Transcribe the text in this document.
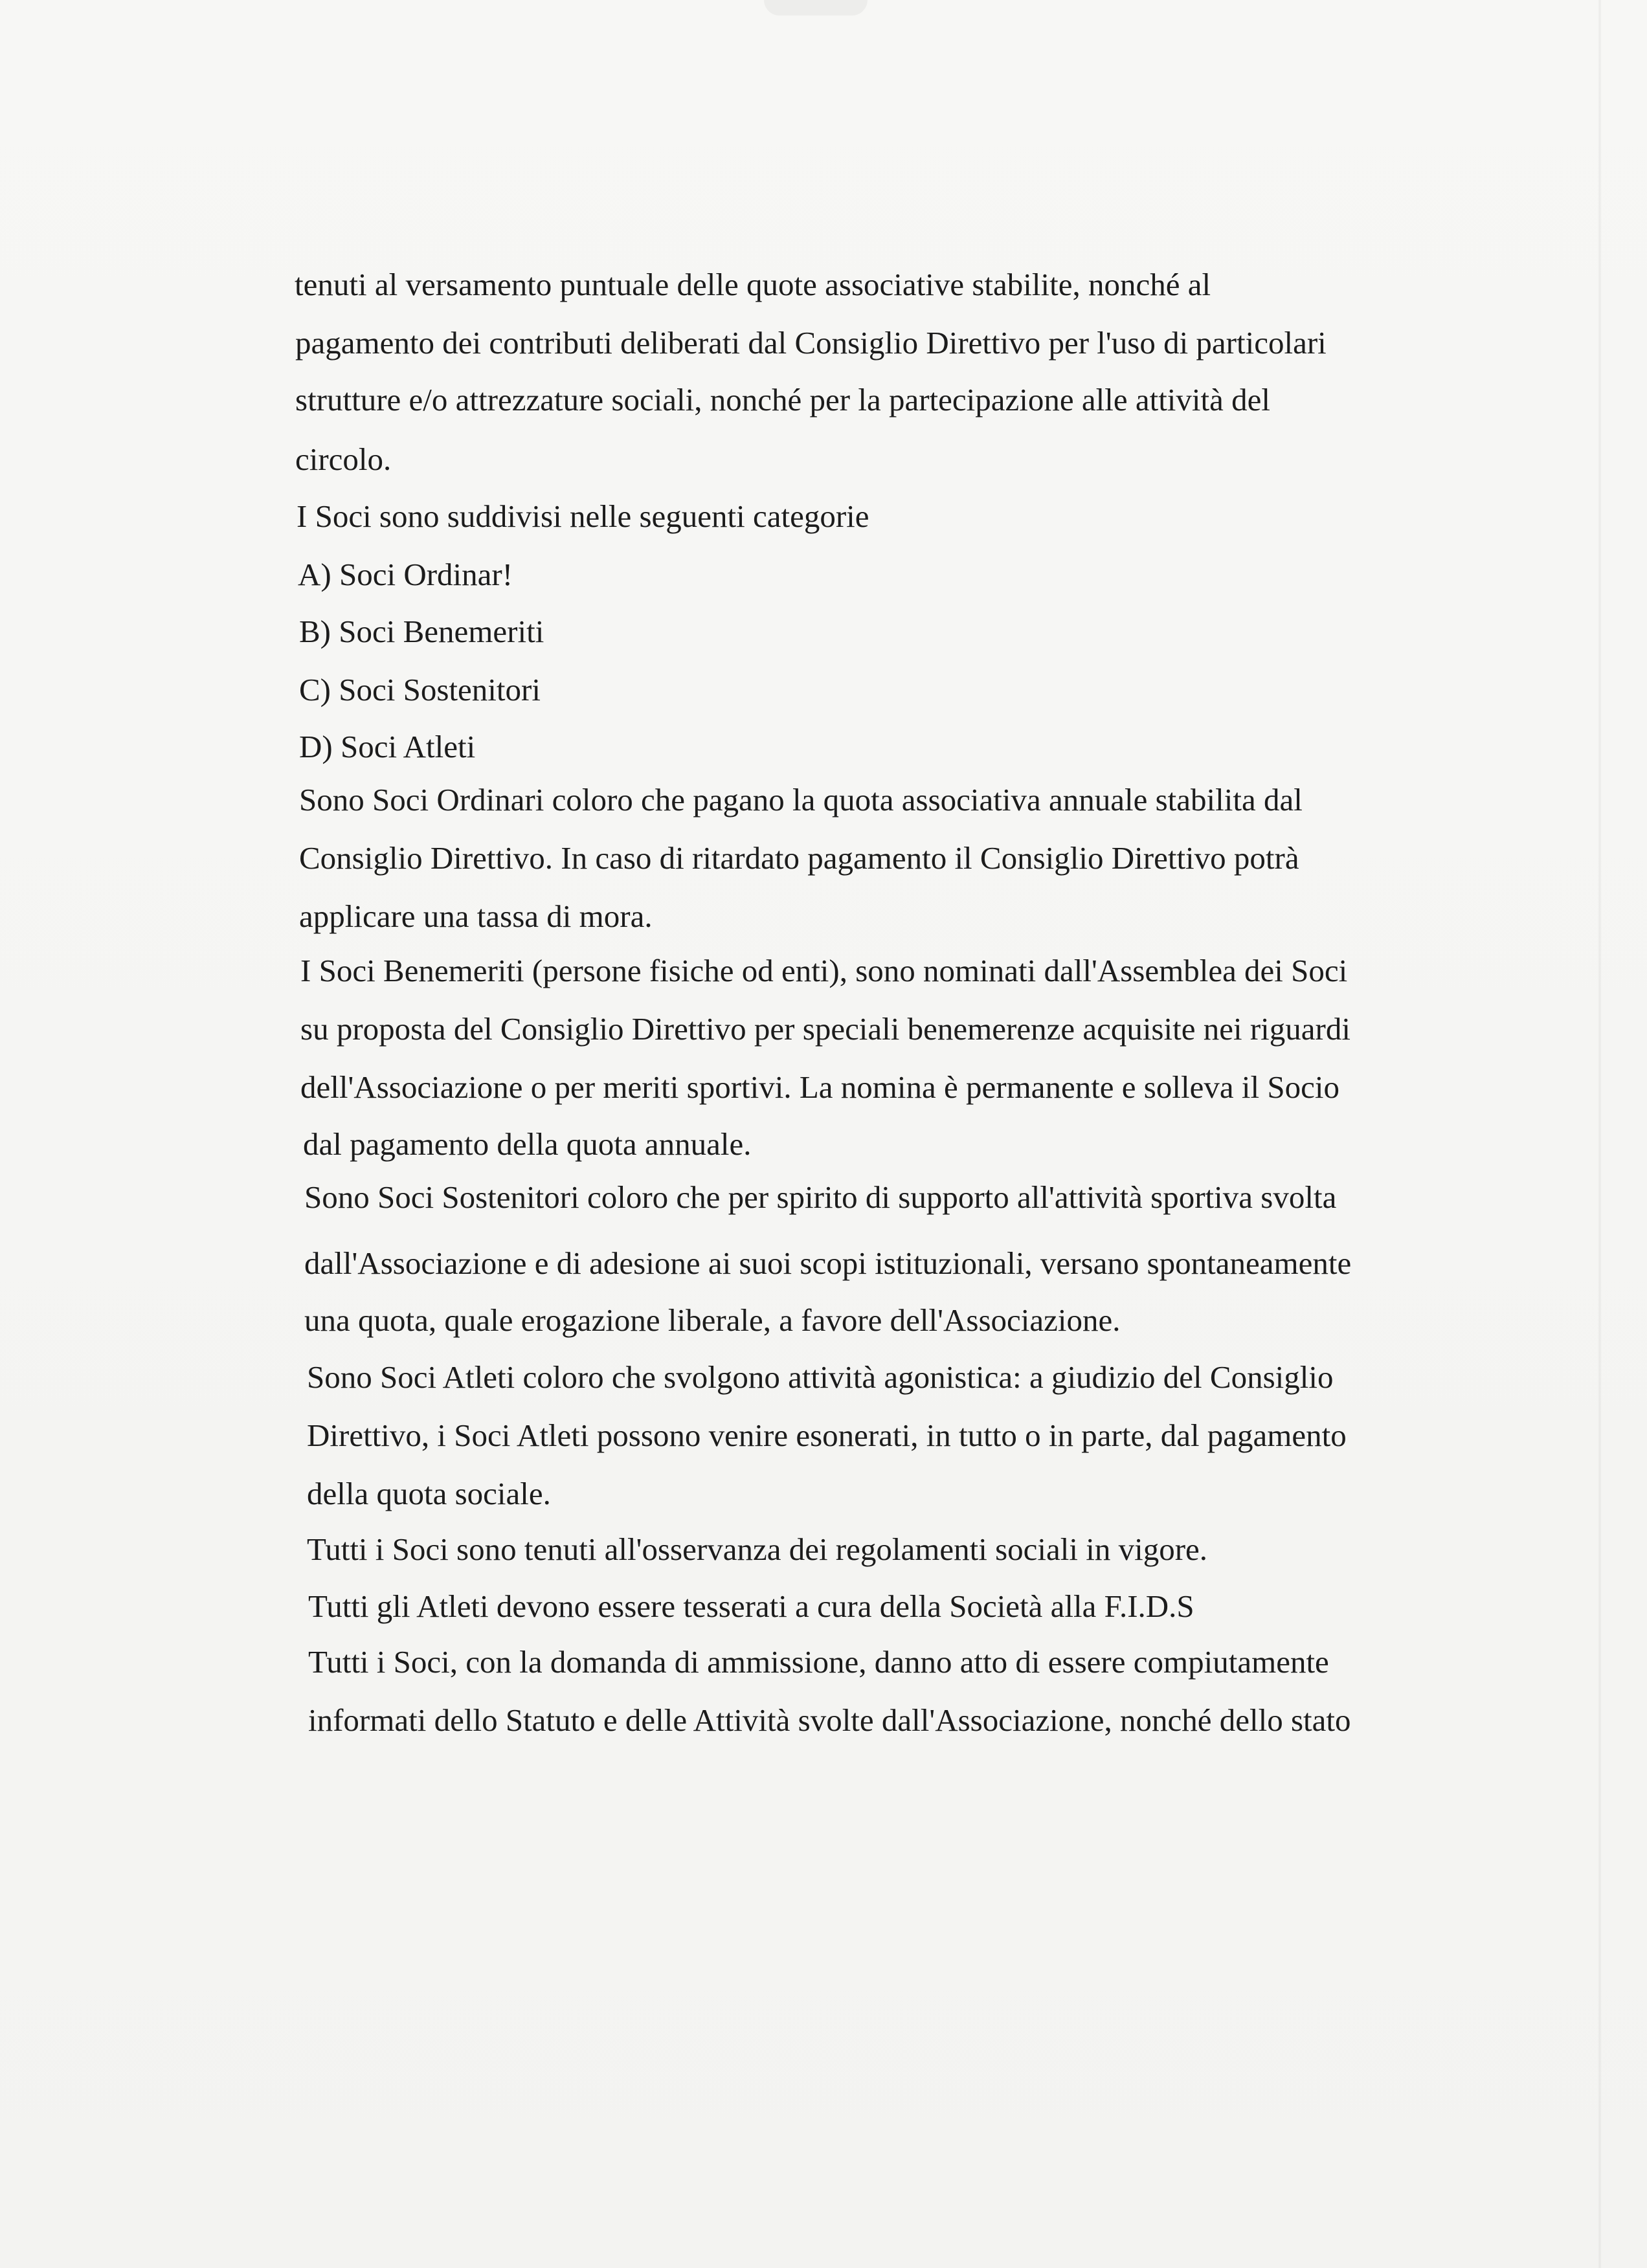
tenuti al versamento puntuale delle quote associative stabilite, nonché al
pagamento dei contributi deliberati dal Consiglio Direttivo per l'uso di particolari
strutture e/o attrezzature sociali, nonché per la partecipazione alle attività del
circolo.
I Soci sono suddivisi nelle seguenti categorie
A) Soci Ordinar!
B) Soci Benemeriti
C) Soci Sostenitori
D) Soci Atleti
Sono Soci Ordinari coloro che pagano la quota associativa annuale stabilita dal
Consiglio Direttivo. In caso di ritardato pagamento il Consiglio Direttivo potrà
applicare una tassa di mora.
I Soci Benemeriti (persone fisiche od enti), sono nominati dall'Assemblea dei Soci
su proposta del Consiglio Direttivo per speciali benemerenze acquisite nei riguardi
dell'Associazione o per meriti sportivi. La nomina è permanente e solleva il Socio
dal pagamento della quota annuale.
Sono Soci Sostenitori coloro che per spirito di supporto all'attività sportiva svolta
dall'Associazione e di adesione ai suoi scopi istituzionali, versano spontaneamente
una quota, quale erogazione liberale, a favore dell'Associazione.
Sono Soci Atleti coloro che svolgono attività agonistica: a giudizio del Consiglio
Direttivo, i Soci Atleti possono venire esonerati, in tutto o in parte, dal pagamento
della quota sociale.
Tutti i Soci sono tenuti all'osservanza dei regolamenti sociali in vigore.
Tutti gli Atleti devono essere tesserati a cura della Società alla F.I.D.S
Tutti i Soci, con la domanda di ammissione, danno atto di essere compiutamente
informati dello Statuto e delle Attività svolte dall'Associazione, nonché dello stato
